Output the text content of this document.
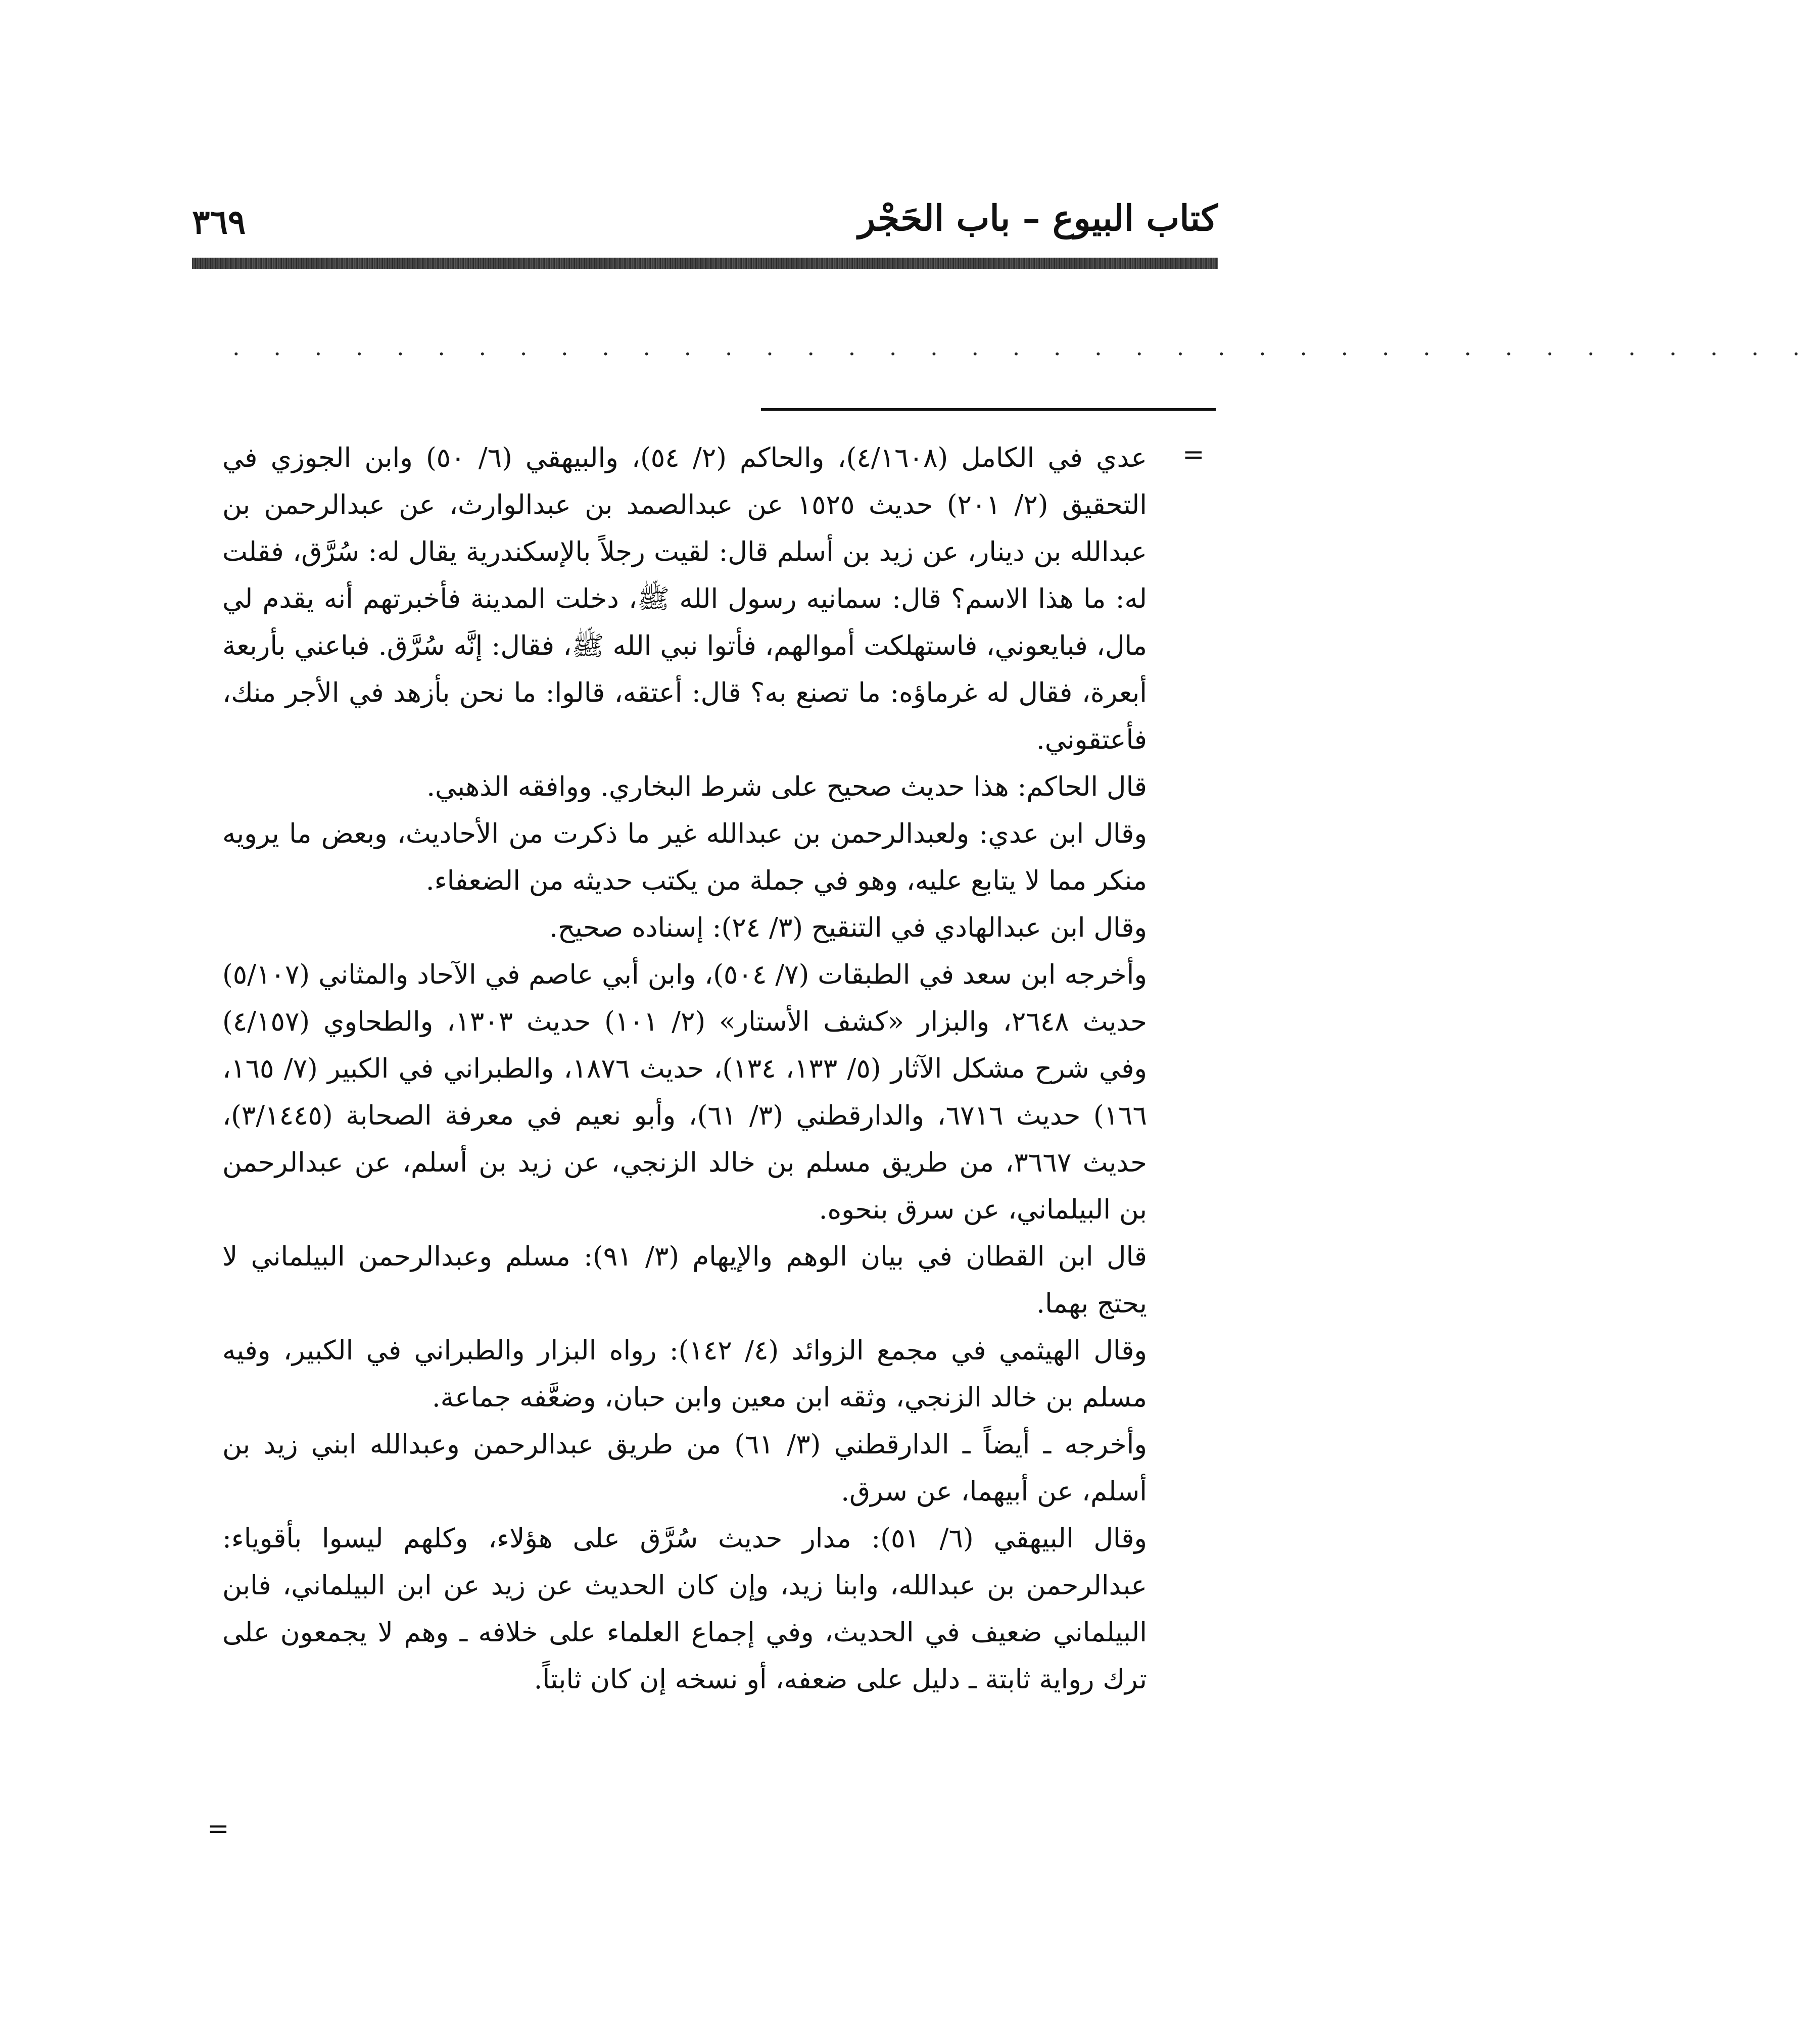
٣٦٩	كتاب البيوع – باب الحَجْر
. . . . . . . . . . . . . . . . . . . . . . . . . . . . . . . . . . . . . . .
=

عدي في الكامل (٤/١٦٠٨)، والحاكم (٢/ ٥٤)، والبيهقي (٦/ ٥٠) وابن الجوزي في التحقيق (٢/ ٢٠١) حديث ١٥٢٥ عن عبدالصمد بن عبدالوارث، عن عبدالرحمن بن عبدالله بن دينار، عن زيد بن أسلم قال: لقيت رجلاً بالإسكندرية يقال له: سُرَّق، فقلت له: ما هذا الاسم؟ قال: سمانيه رسول الله ﷺ، دخلت المدينة فأخبرتهم أنه يقدم لي مال، فبايعوني، فاستهلكت أموالهم، فأتوا نبي الله ﷺ، فقال: إنَّه سُرَّق. فباعني بأربعة أبعرة، فقال له غرماؤه: ما تصنع به؟ قال: أعتقه، قالوا: ما نحن بأزهد في الأجر منك، فأعتقوني.

قال الحاكم: هذا حديث صحيح على شرط البخاري. ووافقه الذهبي.

وقال ابن عدي: ولعبدالرحمن بن عبدالله غير ما ذكرت من الأحاديث، وبعض ما يرويه منكر مما لا يتابع عليه، وهو في جملة من يكتب حديثه من الضعفاء.

وقال ابن عبدالهادي في التنقيح (٣/ ٢٤): إسناده صحيح.

وأخرجه ابن سعد في الطبقات (٧/ ٥٠٤)، وابن أبي عاصم في الآحاد والمثاني (٥/١٠٧) حديث ٢٦٤٨، والبزار «كشف الأستار» (٢/ ١٠١) حديث ١٣٠٣، والطحاوي (٤/١٥٧) وفي شرح مشكل الآثار (٥/ ١٣٣، ١٣٤)، حديث ١٨٧٦، والطبراني في الكبير (٧/ ١٦٥، ١٦٦) حديث ٦٧١٦، والدارقطني (٣/ ٦١)، وأبو نعيم في معرفة الصحابة (٣/١٤٤٥)، حديث ٣٦٦٧، من طريق مسلم بن خالد الزنجي، عن زيد بن أسلم، عن عبدالرحمن بن البيلماني، عن سرق بنحوه.

قال ابن القطان في بيان الوهم والإيهام (٣/ ٩١): مسلم وعبدالرحمن البيلماني لا يحتج بهما.

وقال الهيثمي في مجمع الزوائد (٤/ ١٤٢): رواه البزار والطبراني في الكبير، وفيه مسلم بن خالد الزنجي، وثقه ابن معين وابن حبان، وضعَّفه جماعة.

وأخرجه ـ أيضاً ـ الدارقطني (٣/ ٦١) من طريق عبدالرحمن وعبدالله ابني زيد بن أسلم، عن أبيهما، عن سرق.

وقال البيهقي (٦/ ٥١): مدار حديث سُرَّق على هؤلاء، وكلهم ليسوا بأقوياء: عبدالرحمن بن عبدالله، وابنا زيد، وإن كان الحديث عن زيد عن ابن البيلماني، فابن البيلماني ضعيف في الحديث، وفي إجماع العلماء على خلافه ـ وهم لا يجمعون على ترك رواية ثابتة ـ دليل على ضعفه، أو نسخه إن كان ثابتاً.

=
